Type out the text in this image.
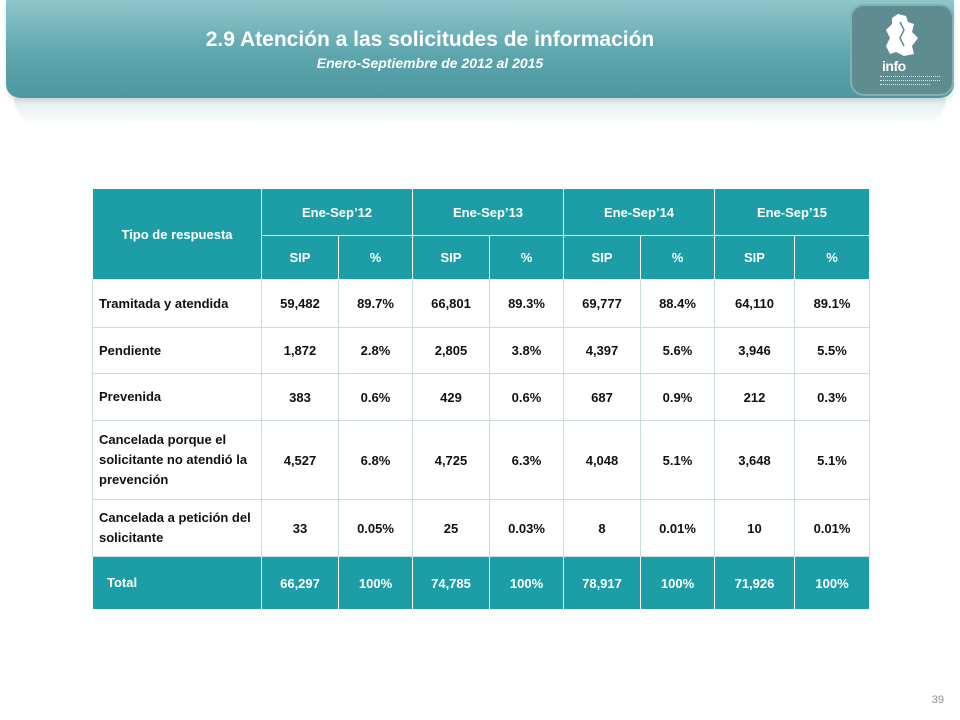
2.9 Atención a las solicitudes de información
Enero-Septiembre de 2012 al 2015	info
Tipo de respuesta	Ene-Sep’12		Ene-Sep’13		Ene-Sep’14		Ene-Sep’15	
	SIP	%	SIP	%	SIP	%	SIP	%
Tramitada y atendida	59,482	89.7%	66,801	89.3%	69,777	88.4%	64,110	89.1%
Pendiente	1,872	2.8%	2,805	3.8%	4,397	5.6%	3,946	5.5%
Prevenida	383	0.6%	429	0.6%	687	0.9%	212	0.3%
Cancelada porque el solicitante no atendió la prevención	4,527	6.8%	4,725	6.3%	4,048	5.1%	3,648	5.1%
Cancelada a petición del solicitante	33	0.05%	25	0.03%	8	0.01%	10	0.01%
Total	66,297	100%	74,785	100%	78,917	100%	71,926	100%
39
